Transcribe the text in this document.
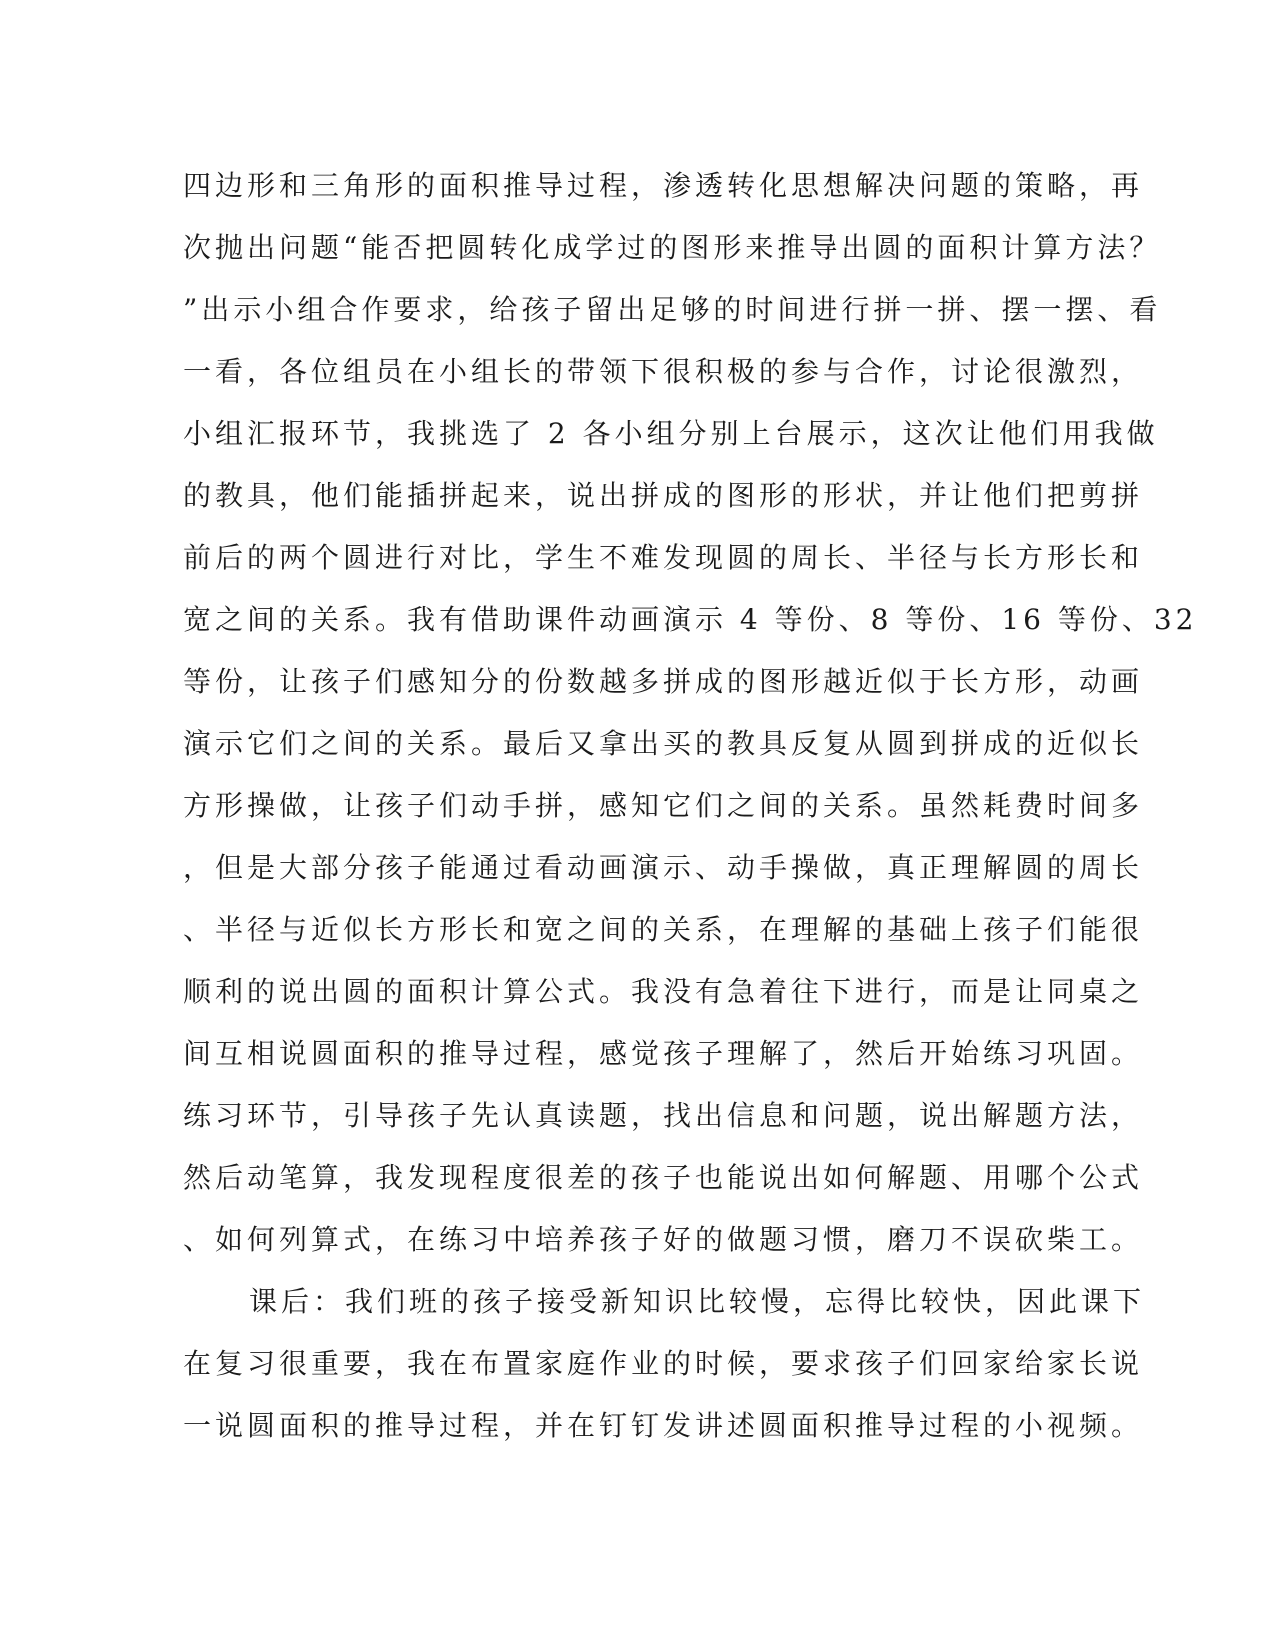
四边形和三角形的面积推导过程，渗透转化思想解决问题的策略，再
次抛出问题“能否把圆转化成学过的图形来推导出圆的面积计算方法？
”出示小组合作要求，给孩子留出足够的时间进行拼一拼、摆一摆、看
一看，各位组员在小组长的带领下很积极的参与合作，讨论很激烈，
小组汇报环节，我挑选了 2 各小组分别上台展示，这次让他们用我做
的教具，他们能插拼起来，说出拼成的图形的形状，并让他们把剪拼
前后的两个圆进行对比，学生不难发现圆的周长、半径与长方形长和
宽之间的关系。我有借助课件动画演示 4 等份、8 等份、16 等份、32
等份，让孩子们感知分的份数越多拼成的图形越近似于长方形，动画
演示它们之间的关系。最后又拿出买的教具反复从圆到拼成的近似长
方形操做，让孩子们动手拼，感知它们之间的关系。虽然耗费时间多
，但是大部分孩子能通过看动画演示、动手操做，真正理解圆的周长
、半径与近似长方形长和宽之间的关系，在理解的基础上孩子们能很
顺利的说出圆的面积计算公式。我没有急着往下进行，而是让同桌之
间互相说圆面积的推导过程，感觉孩子理解了，然后开始练习巩固。
练习环节，引导孩子先认真读题，找出信息和问题，说出解题方法，
然后动笔算，我发现程度很差的孩子也能说出如何解题、用哪个公式
、如何列算式，在练习中培养孩子好的做题习惯，磨刀不误砍柴工。
课后：我们班的孩子接受新知识比较慢，忘得比较快，因此课下
在复习很重要，我在布置家庭作业的时候，要求孩子们回家给家长说
一说圆面积的推导过程，并在钉钉发讲述圆面积推导过程的小视频。
